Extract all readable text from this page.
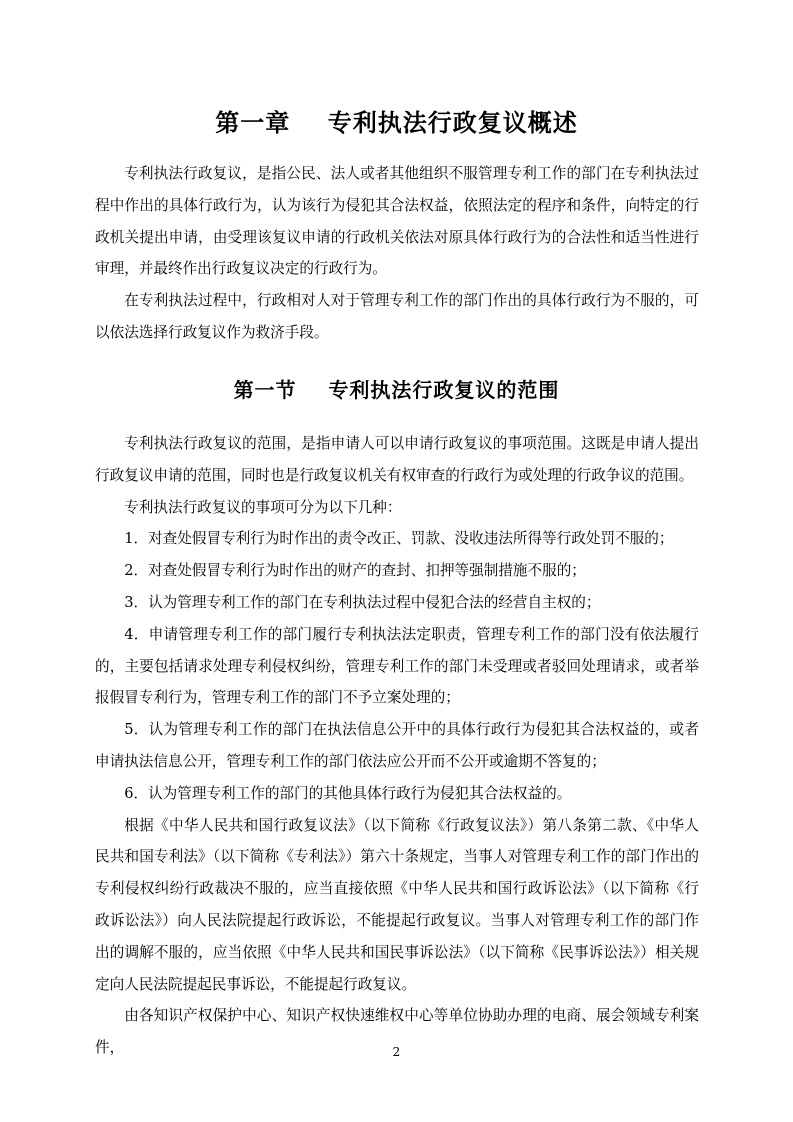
第一章    专利执法行政复议概述

专利执法行政复议，是指公民、法人或者其他组织不服管理专利工作的部门在专利执法过程中作出的具体行政行为，认为该行为侵犯其合法权益，依照法定的程序和条件，向特定的行政机关提出申请，由受理该复议申请的行政机关依法对原具体行政行为的合法性和适当性进行审理，并最终作出行政复议决定的行政行为。

在专利执法过程中，行政相对人对于管理专利工作的部门作出的具体行政行为不服的，可以依法选择行政复议作为救济手段。

第一节    专利执法行政复议的范围

专利执法行政复议的范围，是指申请人可以申请行政复议的事项范围。这既是申请人提出行政复议申请的范围，同时也是行政复议机关有权审查的行政行为或处理的行政争议的范围。

专利执法行政复议的事项可分为以下几种：

1．对查处假冒专利行为时作出的责令改正、罚款、没收违法所得等行政处罚不服的；

2．对查处假冒专利行为时作出的财产的查封、扣押等强制措施不服的；

3．认为管理专利工作的部门在专利执法过程中侵犯合法的经营自主权的；

4．申请管理专利工作的部门履行专利执法法定职责，管理专利工作的部门没有依法履行的，主要包括请求处理专利侵权纠纷，管理专利工作的部门未受理或者驳回处理请求，或者举报假冒专利行为，管理专利工作的部门不予立案处理的；

5．认为管理专利工作的部门在执法信息公开中的具体行政行为侵犯其合法权益的，或者申请执法信息公开，管理专利工作的部门依法应公开而不公开或逾期不答复的；

6．认为管理专利工作的部门的其他具体行政行为侵犯其合法权益的。

根据《中华人民共和国行政复议法》（以下简称《行政复议法》）第八条第二款、《中华人民共和国专利法》（以下简称《专利法》）第六十条规定，当事人对管理专利工作的部门作出的专利侵权纠纷行政裁决不服的，应当直接依照《中华人民共和国行政诉讼法》（以下简称《行政诉讼法》）向人民法院提起行政诉讼，不能提起行政复议。当事人对管理专利工作的部门作出的调解不服的，应当依照《中华人民共和国民事诉讼法》（以下简称《民事诉讼法》）相关规定向人民法院提起民事诉讼，不能提起行政复议。

由各知识产权保护中心、知识产权快速维权中心等单位协助办理的电商、展会领域专利案件，	2
